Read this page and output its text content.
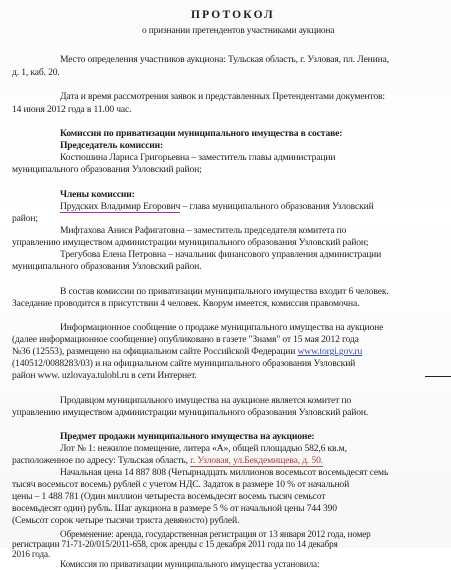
ПРОТОКОЛ
о признании претендентов участниками аукциона
Место определения участников аукциона: Тульская область, г. Узловая, пл. Ленина,
д. 1, каб. 20.
Дата и время рассмотрения заявок и представленных Претендентами документов:
14 июня 2012 года в 11.00 час.
Комиссия по приватизации муниципального имущества в составе:
Председатель комиссии:
Костюшина Лариса Григорьевна – заместитель главы администрации
муниципального образования Узловский район;
Члены комиссии:
Прудских Владимир Егорович – глава муниципального образования Узловский
район;
Мифтахова Анися Рафигатовна – заместитель председателя комитета по
управлению имуществом администрации муниципального образования Узловский район;
Трегубова Елена Петровна – начальник финансового управления администрации
муниципального образования Узловский район.
В состав комиссии по приватизации муниципального имущества входит 6 человек.
Заседание проводится в присутствии 4 человек. Кворум имеется, комиссия правомочна.
Информационное сообщение о продаже муниципального имущества на аукционе
(далее информационное сообщение) опубликовано в газете "Знамя" от 15 мая 2012 года
№36 (12553), размещено на официальном сайте Российской Федерации www.torgi.gov.ru
(140512/0088283/03) и на официальном сайте муниципального образования Узловский
район www. uzlovaya.tulobl.ru в сети Интернет.
Продавцом муниципального имущества на аукционе является комитет по
управлению имуществом администрации муниципального образования Узловский район.
Предмет продажи муниципального имущества на аукционе:
Лот № 1: нежилое помещение, литера «А», общей площадью 582,6 кв.м,
расположенное по адресу: Тульская область, г. Узловая, ул.Бекдемищева, д. 50.
Начальная цена 14 887 808 (Четырнадцать миллионов восемьсот восемьдесят семь
тысяч восемьсот восемь) рублей с учетом НДС. Задаток в размере 10 % от начальной
цены – 1 488 781 (Один миллион четыреста восемьдесят восемь тысяч семьсот
восемьдесят один) рубль. Шаг аукциона в размере 5 % от начальной цены 744 390
(Семьсот сорок четыре тысячи триста девяносто) рублей.
Обременение: аренда, государственная регистрация от 13 января 2012 года, номер
регистрации 71-71-20/015/2011-658, срок аренды с 15 декабря 2011 года по 14 декабря
2016 года.
Комиссия по приватизации муниципального имущества установила:
